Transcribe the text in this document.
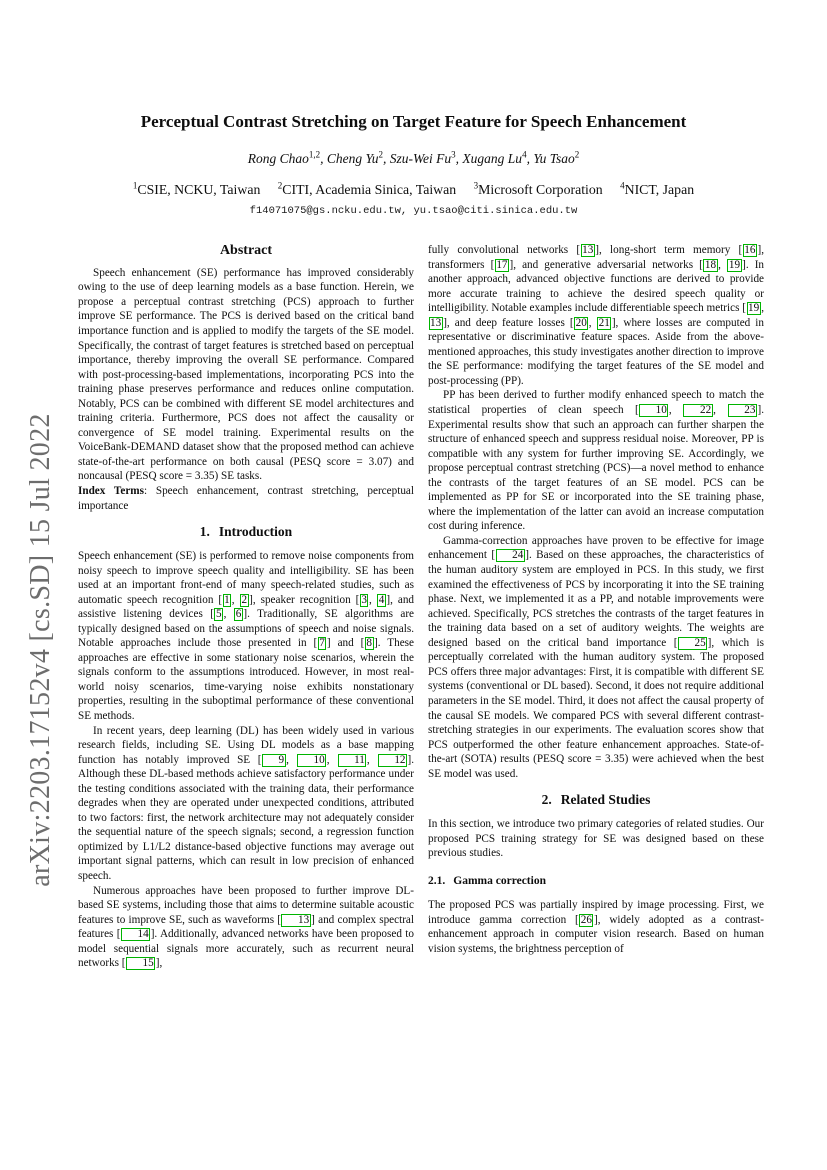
arXiv:2203.17152v4 [cs.SD] 15 Jul 2022
Perceptual Contrast Stretching on Target Feature for Speech Enhancement
Rong Chao$^{1,2}$ , Cheng Yu$^2$ , Szu-Wei Fu$^3$ , Xugang Lu$^4$ , Yu Tsao$^2$
$^1$CSIE, NCKU, Taiwan $^2$CITI, Academia Sinica, Taiwan $^3$Microsoft Corporation $^4$NICT, Japan
f14071075@gs.ncku.edu.tw, yu.tsao@citi.sinica.edu.tw
Abstract

Speech enhancement (SE) performance has improved considerably owing to the use of deep learning models as a base function. Herein, we propose a perceptual contrast stretching (PCS) approach to further improve SE performance. The PCS is derived based on the critical band importance function and is applied to modify the targets of the SE model. Specifically, the contrast of target features is stretched based on perceptual importance, thereby improving the overall SE performance. Compared with post-processing-based implementations, incorporating PCS into the training phase preserves performance and reduces online computation. Notably, PCS can be combined with different SE model architectures and training criteria. Furthermore, PCS does not affect the causality or convergence of SE model training. Experimental results on the VoiceBank-DEMAND dataset show that the proposed method can achieve state-of-the-art performance on both causal (PESQ score = 3.07) and noncausal (PESQ score = 3.35) SE tasks.

Index Terms: Speech enhancement, contrast stretching, perceptual importance

1. Introduction

Speech enhancement (SE) is performed to remove noise components from noisy speech to improve speech quality and intelligibility. SE has been used at an important front-end of many speech-related studies, such as automatic speech recognition [ 1 , 2 ], speaker recognition [ 3 , 4 ], and assistive listening devices [ 5 , 6 ]. Traditionally, SE algorithms are typically designed based on the assumptions of speech and noise signals. Notable approaches include those presented in [ 7 ] and [ 8 ]. These approaches are effective in some stationary noise scenarios, wherein the signals conform to the assumptions introduced. However, in most real-world noisy scenarios, time-varying noise exhibits nonstationary properties, resulting in the suboptimal performance of these conventional SE methods.

In recent years, deep learning (DL) has been widely used in various research fields, including SE. Using DL models as a base mapping function has notably improved SE [ 9 , 10 , 11 , 12 ]. Although these DL-based methods achieve satisfactory performance under the testing conditions associated with the training data, their performance degrades when they are operated under unexpected conditions, attributed to two factors: first, the network architecture may not adequately consider the sequential nature of the speech signals; second, a regression function optimized by L1/L2 distance-based objective functions may average out important signal patterns, which can result in low precision of enhanced speech.

Numerous approaches have been proposed to further improve DL-based SE systems, including those that aims to determine suitable acoustic features to improve SE, such as waveforms [ 13 ] and complex spectral features [ 14 ]. Additionally, advanced networks have been proposed to model sequential signals more accurately, such as recurrent neural networks [ 15 ],

fully convolutional networks [ 13 ], long-short term memory [ 16 ], transformers [ 17 ], and generative adversarial networks [ 18 , 19 ]. In another approach, advanced objective functions are derived to provide more accurate training to achieve the desired speech quality or intelligibility. Notable examples include differentiable speech metrics [ 19 , 13 ], and deep feature losses [ 20 , 21 ], where losses are computed in representative or discriminative feature spaces. Aside from the above-mentioned approaches, this study investigates another direction to improve the SE performance: modifying the target features of the SE model and post-processing (PP).

PP has been derived to further modify enhanced speech to match the statistical properties of clean speech [ 10 , 22 , 23 ]. Experimental results show that such an approach can further sharpen the structure of enhanced speech and suppress residual noise. Moreover, PP is compatible with any system for further improving SE. Accordingly, we propose perceptual contrast stretching (PCS)—a novel method to enhance the contrasts of the target features of an SE model. PCS can be implemented as PP for SE or incorporated into the SE training phase, where the implementation of the latter can avoid an increase computation cost during inference.

Gamma-correction approaches have proven to be effective for image enhancement [ 24 ]. Based on these approaches, the characteristics of the human auditory system are employed in PCS. In this study, we first examined the effectiveness of PCS by incorporating it into the SE training phase. Next, we implemented it as a PP, and notable improvements were achieved. Specifically, PCS stretches the contrasts of the target features in the training data based on a set of auditory weights. The weights are designed based on the critical band importance [ 25 ], which is perceptually correlated with the human auditory system. The proposed PCS offers three major advantages: First, it is compatible with different SE systems (conventional or DL based). Second, it does not require additional parameters in the SE model. Third, it does not affect the causal property of the causal SE models. We compared PCS with several different contrast-stretching strategies in our experiments. The evaluation scores show that PCS outperformed the other feature enhancement approaches. State-of-the-art (SOTA) results (PESQ score = 3.35) were achieved when the best SE model was used.

2. Related Studies

In this section, we introduce two primary categories of related studies. Our proposed PCS training strategy for SE was designed based on these previous studies.

2.1. Gamma correction

The proposed PCS was partially inspired by image processing. First, we introduce gamma correction [ 26 ], widely adopted as a contrast-enhancement approach in computer vision research. Based on human vision systems, the brightness perception of
